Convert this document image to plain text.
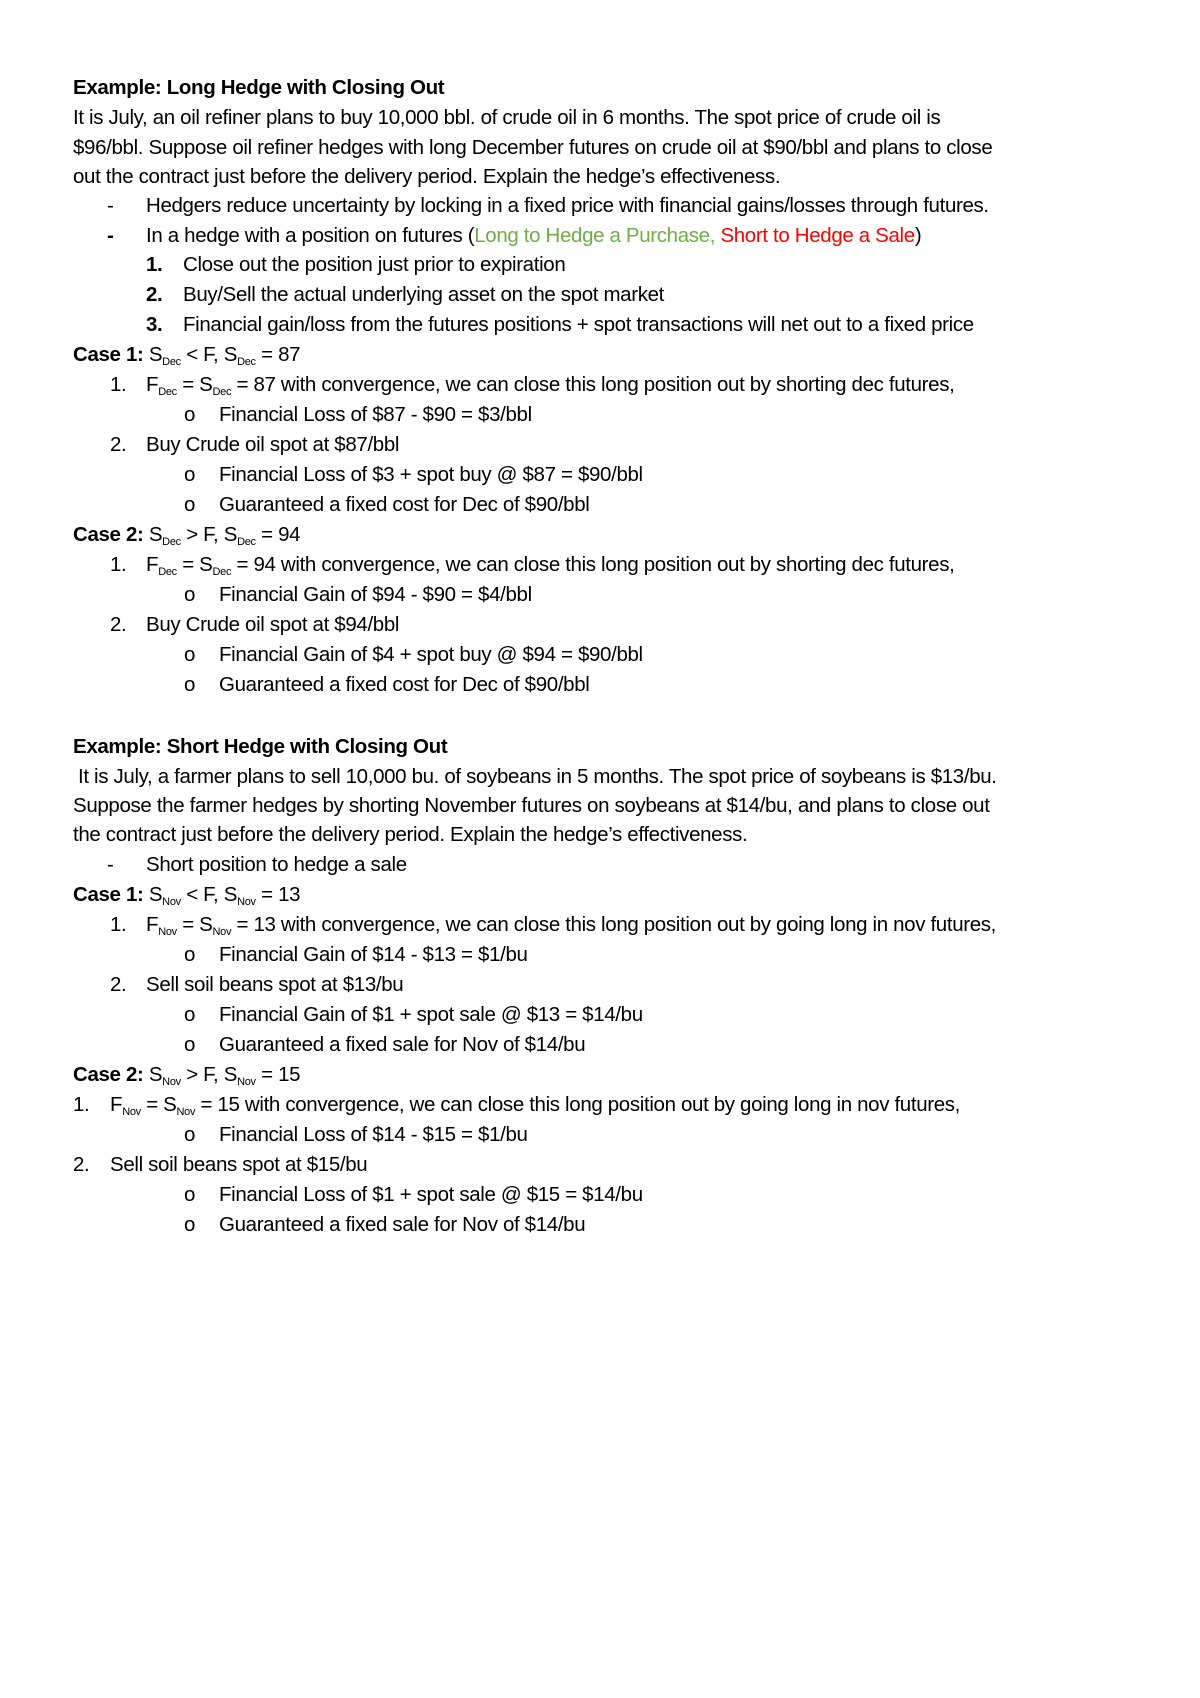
Example: Long Hedge with Closing Out
It is July, an oil refiner plans to buy 10,000 bbl. of crude oil in 6 months. The spot price of crude oil is
$96/bbl. Suppose oil refiner hedges with long December futures on crude oil at $90/bbl and plans to close
out the contract just before the delivery period. Explain the hedge’s effectiveness.
- Hedgers reduce uncertainty by locking in a fixed price with financial gains/losses through futures.
- In a hedge with a position on futures (Long to Hedge a Purchase, Short to Hedge a Sale)
1. Close out the position just prior to expiration
2. Buy/Sell the actual underlying asset on the spot market
3. Financial gain/loss from the futures positions + spot transactions will net out to a fixed price
Case 1: $S_{Dec} < F$, $S_{Dec} = 87$
1. $F_{Dec} = S_{Dec} = 87$ with convergence, we can close this long position out by shorting dec futures,
o Financial Loss of $87 - $90 = $3/bbl
2. Buy Crude oil spot at $87/bbl
o Financial Loss of $3 + spot buy @ $87 = $90/bbl
o Guaranteed a fixed cost for Dec of $90/bbl
Case 2: $S_{Dec} > F$, $S_{Dec} = 94$
1. $F_{Dec} = S_{Dec} = 94$ with convergence, we can close this long position out by shorting dec futures,
o Financial Gain of $94 - $90 = $4/bbl
2. Buy Crude oil spot at $94/bbl
o Financial Gain of $4 + spot buy @ $94 = $90/bbl
o Guaranteed a fixed cost for Dec of $90/bbl
Example: Short Hedge with Closing Out
It is July, a farmer plans to sell 10,000 bu. of soybeans in 5 months. The spot price of soybeans is $13/bu.
Suppose the farmer hedges by shorting November futures on soybeans at $14/bu, and plans to close out
the contract just before the delivery period. Explain the hedge’s effectiveness.
- Short position to hedge a sale
Case 1: $S_{Nov} < F$, $S_{Nov} = 13$
1. $F_{Nov} = S_{Nov} = 13$ with convergence, we can close this long position out by going long in nov futures,
o Financial Gain of $14 - $13 = $1/bu
2. Sell soil beans spot at $13/bu
o Financial Gain of $1 + spot sale @ $13 = $14/bu
o Guaranteed a fixed sale for Nov of $14/bu
Case 2: $S_{Nov} > F$, $S_{Nov} = 15$
1. $F_{Nov} = S_{Nov} = 15$ with convergence, we can close this long position out by going long in nov futures,
o Financial Loss of $14 - $15 = $1/bu
2. Sell soil beans spot at $15/bu
o Financial Loss of $1 + spot sale @ $15 = $14/bu
o Guaranteed a fixed sale for Nov of $14/bu
